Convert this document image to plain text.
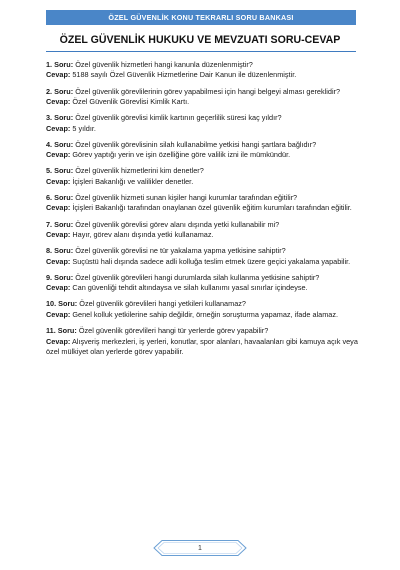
ÖZEL GÜVENLİK KONU TEKRARLI SORU BANKASI
ÖZEL GÜVENLİK HUKUKU VE MEVZUATI SORU-CEVAP

1. Soru: Özel güvenlik hizmetleri hangi kanunla düzenlenmiştir?

Cevap: 5188 sayılı Özel Güvenlik Hizmetlerine Dair Kanun ile düzenlenmiştir.

2. Soru: Özel güvenlik görevlilerinin görev yapabilmesi için hangi belgeyi alması gereklidir?

Cevap: Özel Güvenlik Görevlisi Kimlik Kartı.

3. Soru: Özel güvenlik görevlisi kimlik kartının geçerlilik süresi kaç yıldır?

Cevap: 5 yıldır.

4. Soru: Özel güvenlik görevlisinin silah kullanabilme yetkisi hangi şartlara bağlıdır?

Cevap: Görev yaptığı yerin ve işin özelliğine göre valilik izni ile mümkündür.

5. Soru: Özel güvenlik hizmetlerini kim denetler?

Cevap: İçişleri Bakanlığı ve valilikler denetler.

6. Soru: Özel güvenlik hizmeti sunan kişiler hangi kurumlar tarafından eğitilir?

Cevap: İçişleri Bakanlığı tarafından onaylanan özel güvenlik eğitim kurumları tarafından eğitilir.

7. Soru: Özel güvenlik görevlisi görev alanı dışında yetki kullanabilir mi?

Cevap: Hayır, görev alanı dışında yetki kullanamaz.

8. Soru: Özel güvenlik görevlisi ne tür yakalama yapma yetkisine sahiptir?

Cevap: Suçüstü hali dışında sadece adli kolluğa teslim etmek üzere geçici yakalama yapabilir.

9. Soru: Özel güvenlik görevlileri hangi durumlarda silah kullanma yetkisine sahiptir?

Cevap: Can güvenliği tehdit altındaysa ve silah kullanımı yasal sınırlar içindeyse.

10. Soru: Özel güvenlik görevlileri hangi yetkileri kullanamaz?

Cevap: Genel kolluk yetkilerine sahip değildir, örneğin soruşturma yapamaz, ifade alamaz.

11. Soru: Özel güvenlik görevlileri hangi tür yerlerde görev yapabilir?

Cevap: Alışveriş merkezleri, iş yerleri, konutlar, spor alanları, havaalanları gibi kamuya açık veya özel mülkiyet olan yerlerde görev yapabilir.

1
